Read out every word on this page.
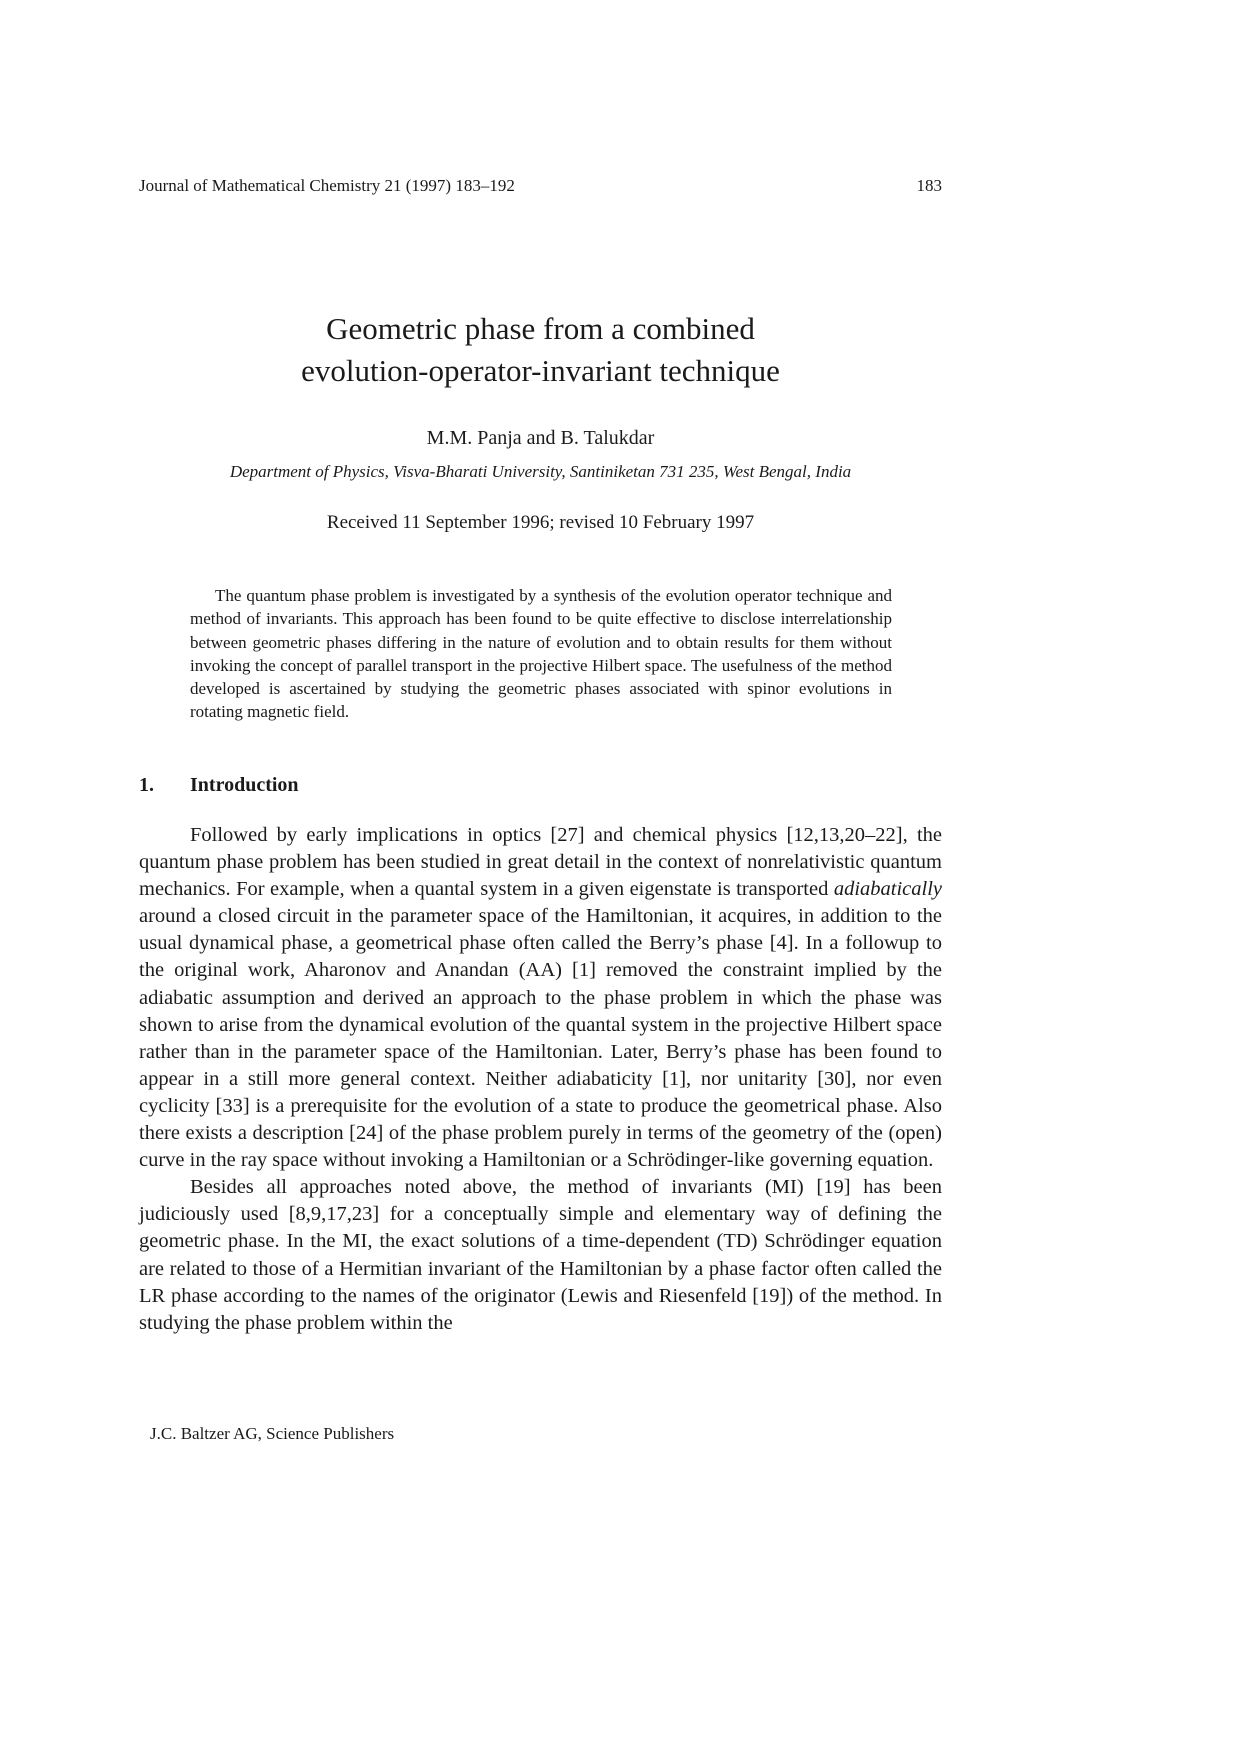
Journal of Mathematical Chemistry 21 (1997) 183–192	183
Geometric phase from a combined
evolution-operator-invariant technique
M.M. Panja and B. Talukdar
Department of Physics, Visva-Bharati University, Santiniketan 731 235, West Bengal, India
Received 11 September 1996; revised 10 February 1997

The quantum phase problem is investigated by a synthesis of the evolution operator technique and method of invariants. This approach has been found to be quite effective to disclose interrelationship between geometric phases differing in the nature of evolution and to obtain results for them without invoking the concept of parallel transport in the projective Hilbert space. The usefulness of the method developed is ascertained by studying the geometric phases associated with spinor evolutions in rotating magnetic field.

1. Introduction

Followed by early implications in optics [27] and chemical physics [12,13,20–22], the quantum phase problem has been studied in great detail in the context of nonrelativistic quantum mechanics. For example, when a quantal system in a given eigenstate is transported adiabatically around a closed circuit in the parameter space of the Hamiltonian, it acquires, in addition to the usual dynamical phase, a geometrical phase often called the Berry’s phase [4]. In a followup to the original work, Aharonov and Anandan (AA) [1] removed the constraint implied by the adiabatic assumption and derived an approach to the phase problem in which the phase was shown to arise from the dynamical evolution of the quantal system in the projective Hilbert space rather than in the parameter space of the Hamiltonian. Later, Berry’s phase has been found to appear in a still more general context. Neither adiabaticity [1], nor unitarity [30], nor even cyclicity [33] is a prerequisite for the evolution of a state to produce the geometrical phase. Also there exists a description [24] of the phase problem purely in terms of the geometry of the (open) curve in the ray space without invoking a Hamiltonian or a Schrödinger-like governing equation.

Besides all approaches noted above, the method of invariants (MI) [19] has been judiciously used [8,9,17,23] for a conceptually simple and elementary way of defining the geometric phase. In the MI, the exact solutions of a time-dependent (TD) Schrödinger equation are related to those of a Hermitian invariant of the Hamiltonian by a phase factor often called the LR phase according to the names of the originator (Lewis and Riesenfeld [19]) of the method. In studying the phase problem within the

J.C. Baltzer AG, Science Publishers
